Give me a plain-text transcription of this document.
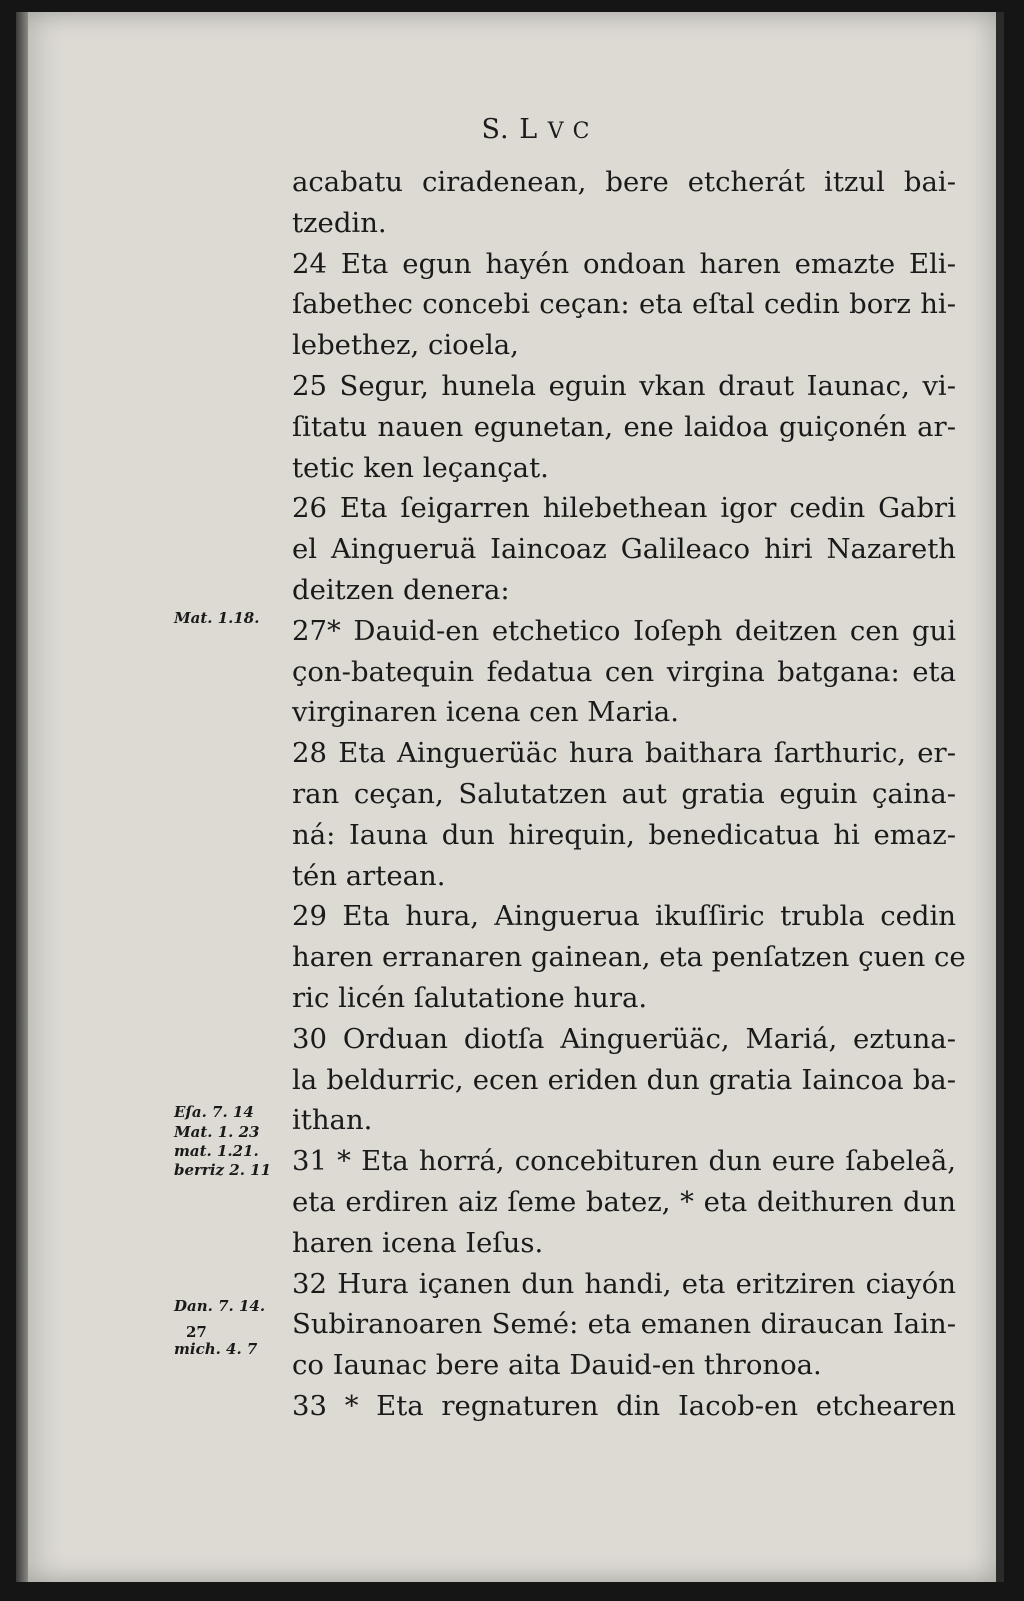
S. L V C
acabatu ciradenean, bere etcherát itzul bai-
tzedin.
24 Eta egun hayén ondoan haren emazte Eli-
ſabethec concebi ceçan: eta eſtal cedin borz hi-
lebethez, cioela,
25 Segur, hunela eguin vkan draut Iaunac, vi-
ſitatu nauen egunetan, ene laidoa guiçonén ar-
tetic ken leçançat.
26 Eta ſeigarren hilebethean igor cedin Gabri
el Aingueruä Iaincoaz Galileaco hiri Nazareth
deitzen denera:
27* Dauid-en etchetico Ioſeph deitzen cen gui
çon-batequin fedatua cen virgina batgana: eta
virginaren icena cen Maria.
28 Eta Ainguerüäc hura baithara ſarthuric, er-
ran ceçan, Salutatzen aut gratia eguin çaina-
ná: Iauna dun hirequin, benedicatua hi emaz-
tén artean.
29 Eta hura, Ainguerua ikuſſiric trubla cedin
haren erranaren gainean, eta penſatzen çuen ce
ric licén ſalutatione hura.
30 Orduan diotſa Ainguerüäc, Mariá, eztuna-
la beldurric, ecen eriden dun gratia Iaincoa ba-
ithan.
31 * Eta horrá, concebituren dun eure ſabeleã,
eta erdiren aiz ſeme batez, * eta deithuren dun
haren icena Ieſus.
32 Hura içanen dun handi, eta eritziren ciayón
Subiranoaren Semé: eta emanen diraucan Iain-
co Iaunac bere aita Dauid-en thronoa.
33 * Eta regnaturen din Iacob-en etchearen
Mat. 1.18.
Eſa. 7. 14
Mat. 1. 23
mat. 1.21.
berriz 2. 11
Dan. 7. 14.
27
mich. 4. 7
